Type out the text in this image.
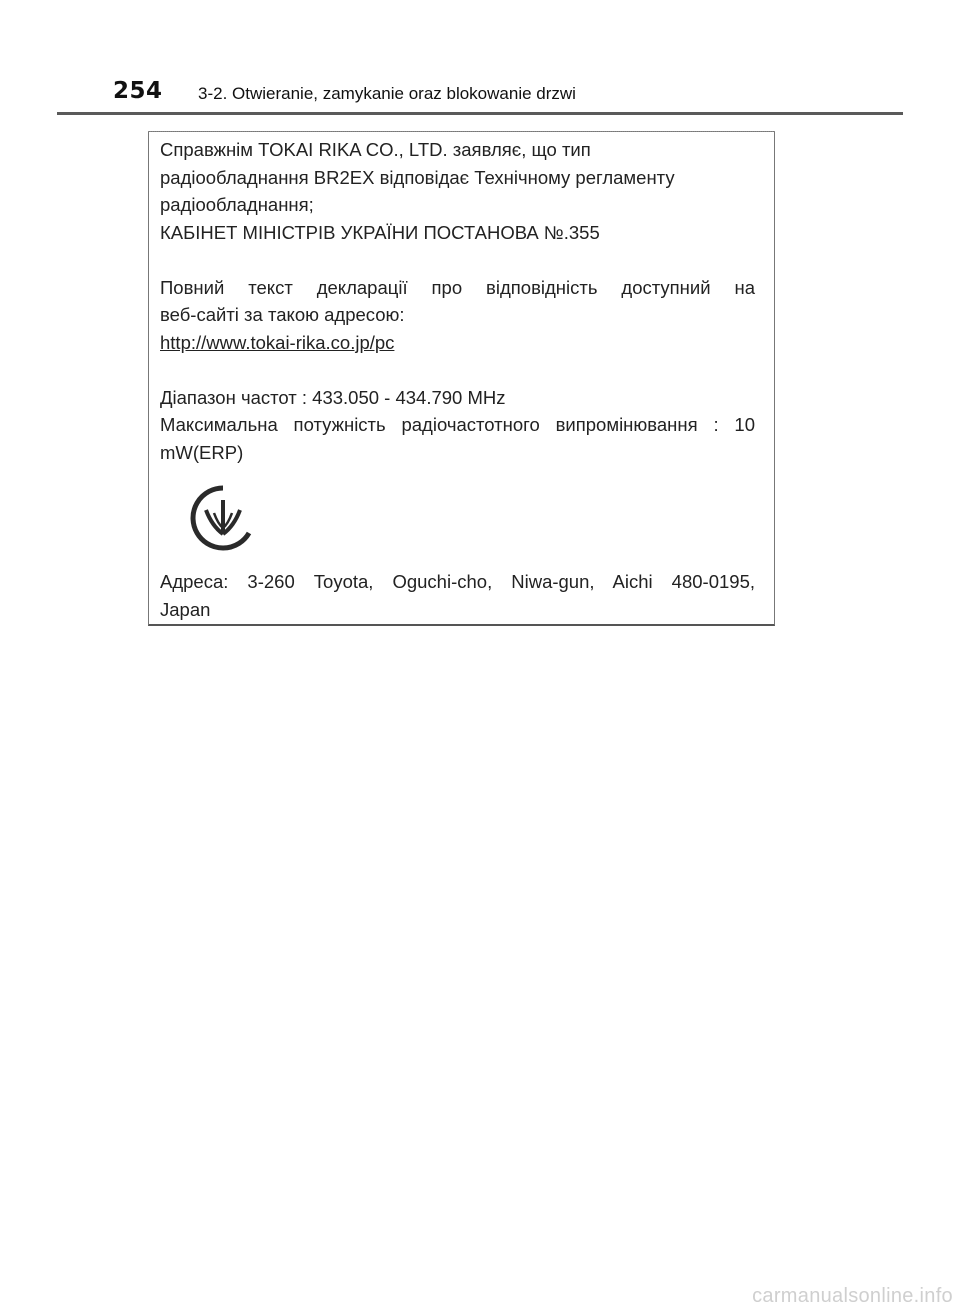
254 3-2. Otwieranie, zamykanie oraz blokowanie drzwi

Справжнім TOKAI RIKA CO., LTD. заявляє, що тип

радіообладнання BR2EX відповідає Технічному регламенту

радіообладнання;

КАБІНЕТ МІНІСТРІВ УКРАЇНИ ПОСТАНОВА №.355

Повний текст декларації про відповідність доступний на

веб-сайті за такою адресою:

http://www.tokai-rika.co.jp/pc

Діапазон частот : 433.050 - 434.790 MHz

Максимальна потужність радіочастотного випромінювання : 10

mW(ERP)

Адреса: 3-260 Toyota, Oguchi-cho, Niwa-gun, Aichi 480-0195,

Japan

carmanualsonline.info
